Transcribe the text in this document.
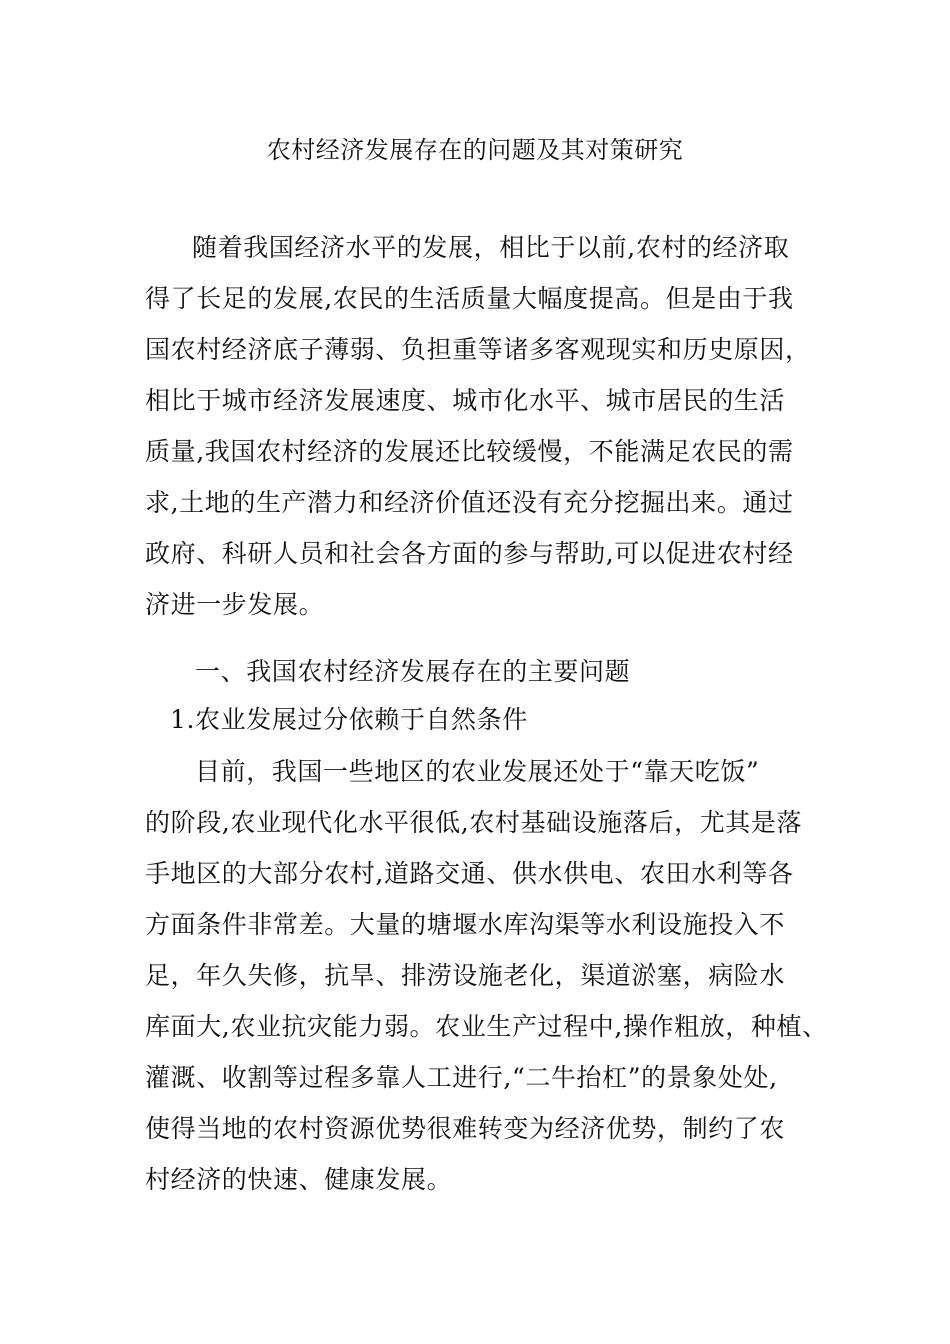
农村经济发展存在的问题及其对策研究
随着我国经济水平的发展，相比于以前,农村的经济取
得了长足的发展,农民的生活质量大幅度提高。但是由于我
国农村经济底子薄弱、负担重等诸多客观现实和历史原因，
相比于城市经济发展速度、城市化水平、城市居民的生活
质量,我国农村经济的发展还比较缓慢，不能满足农民的需
求,土地的生产潜力和经济价值还没有充分挖掘出来。通过
政府、科研人员和社会各方面的参与帮助,可以促进农村经
济进一步发展。
一、我国农村经济发展存在的主要问题
1.农业发展过分依赖于自然条件
目前，我国一些地区的农业发展还处于“靠天吃饭”
的阶段,农业现代化水平很低,农村基础设施落后，尤其是落
手地区的大部分农村,道路交通、供水供电、农田水利等各
方面条件非常差。大量的塘堰水库沟渠等水利设施投入不
足，年久失修，抗旱、排涝设施老化，渠道淤塞，病险水
库面大,农业抗灾能力弱。农业生产过程中,操作粗放，种植、
灌溉、收割等过程多靠人工进行,“二牛抬杠”的景象处处,
使得当地的农村资源优势很难转变为经济优势，制约了农
村经济的快速、健康发展。
